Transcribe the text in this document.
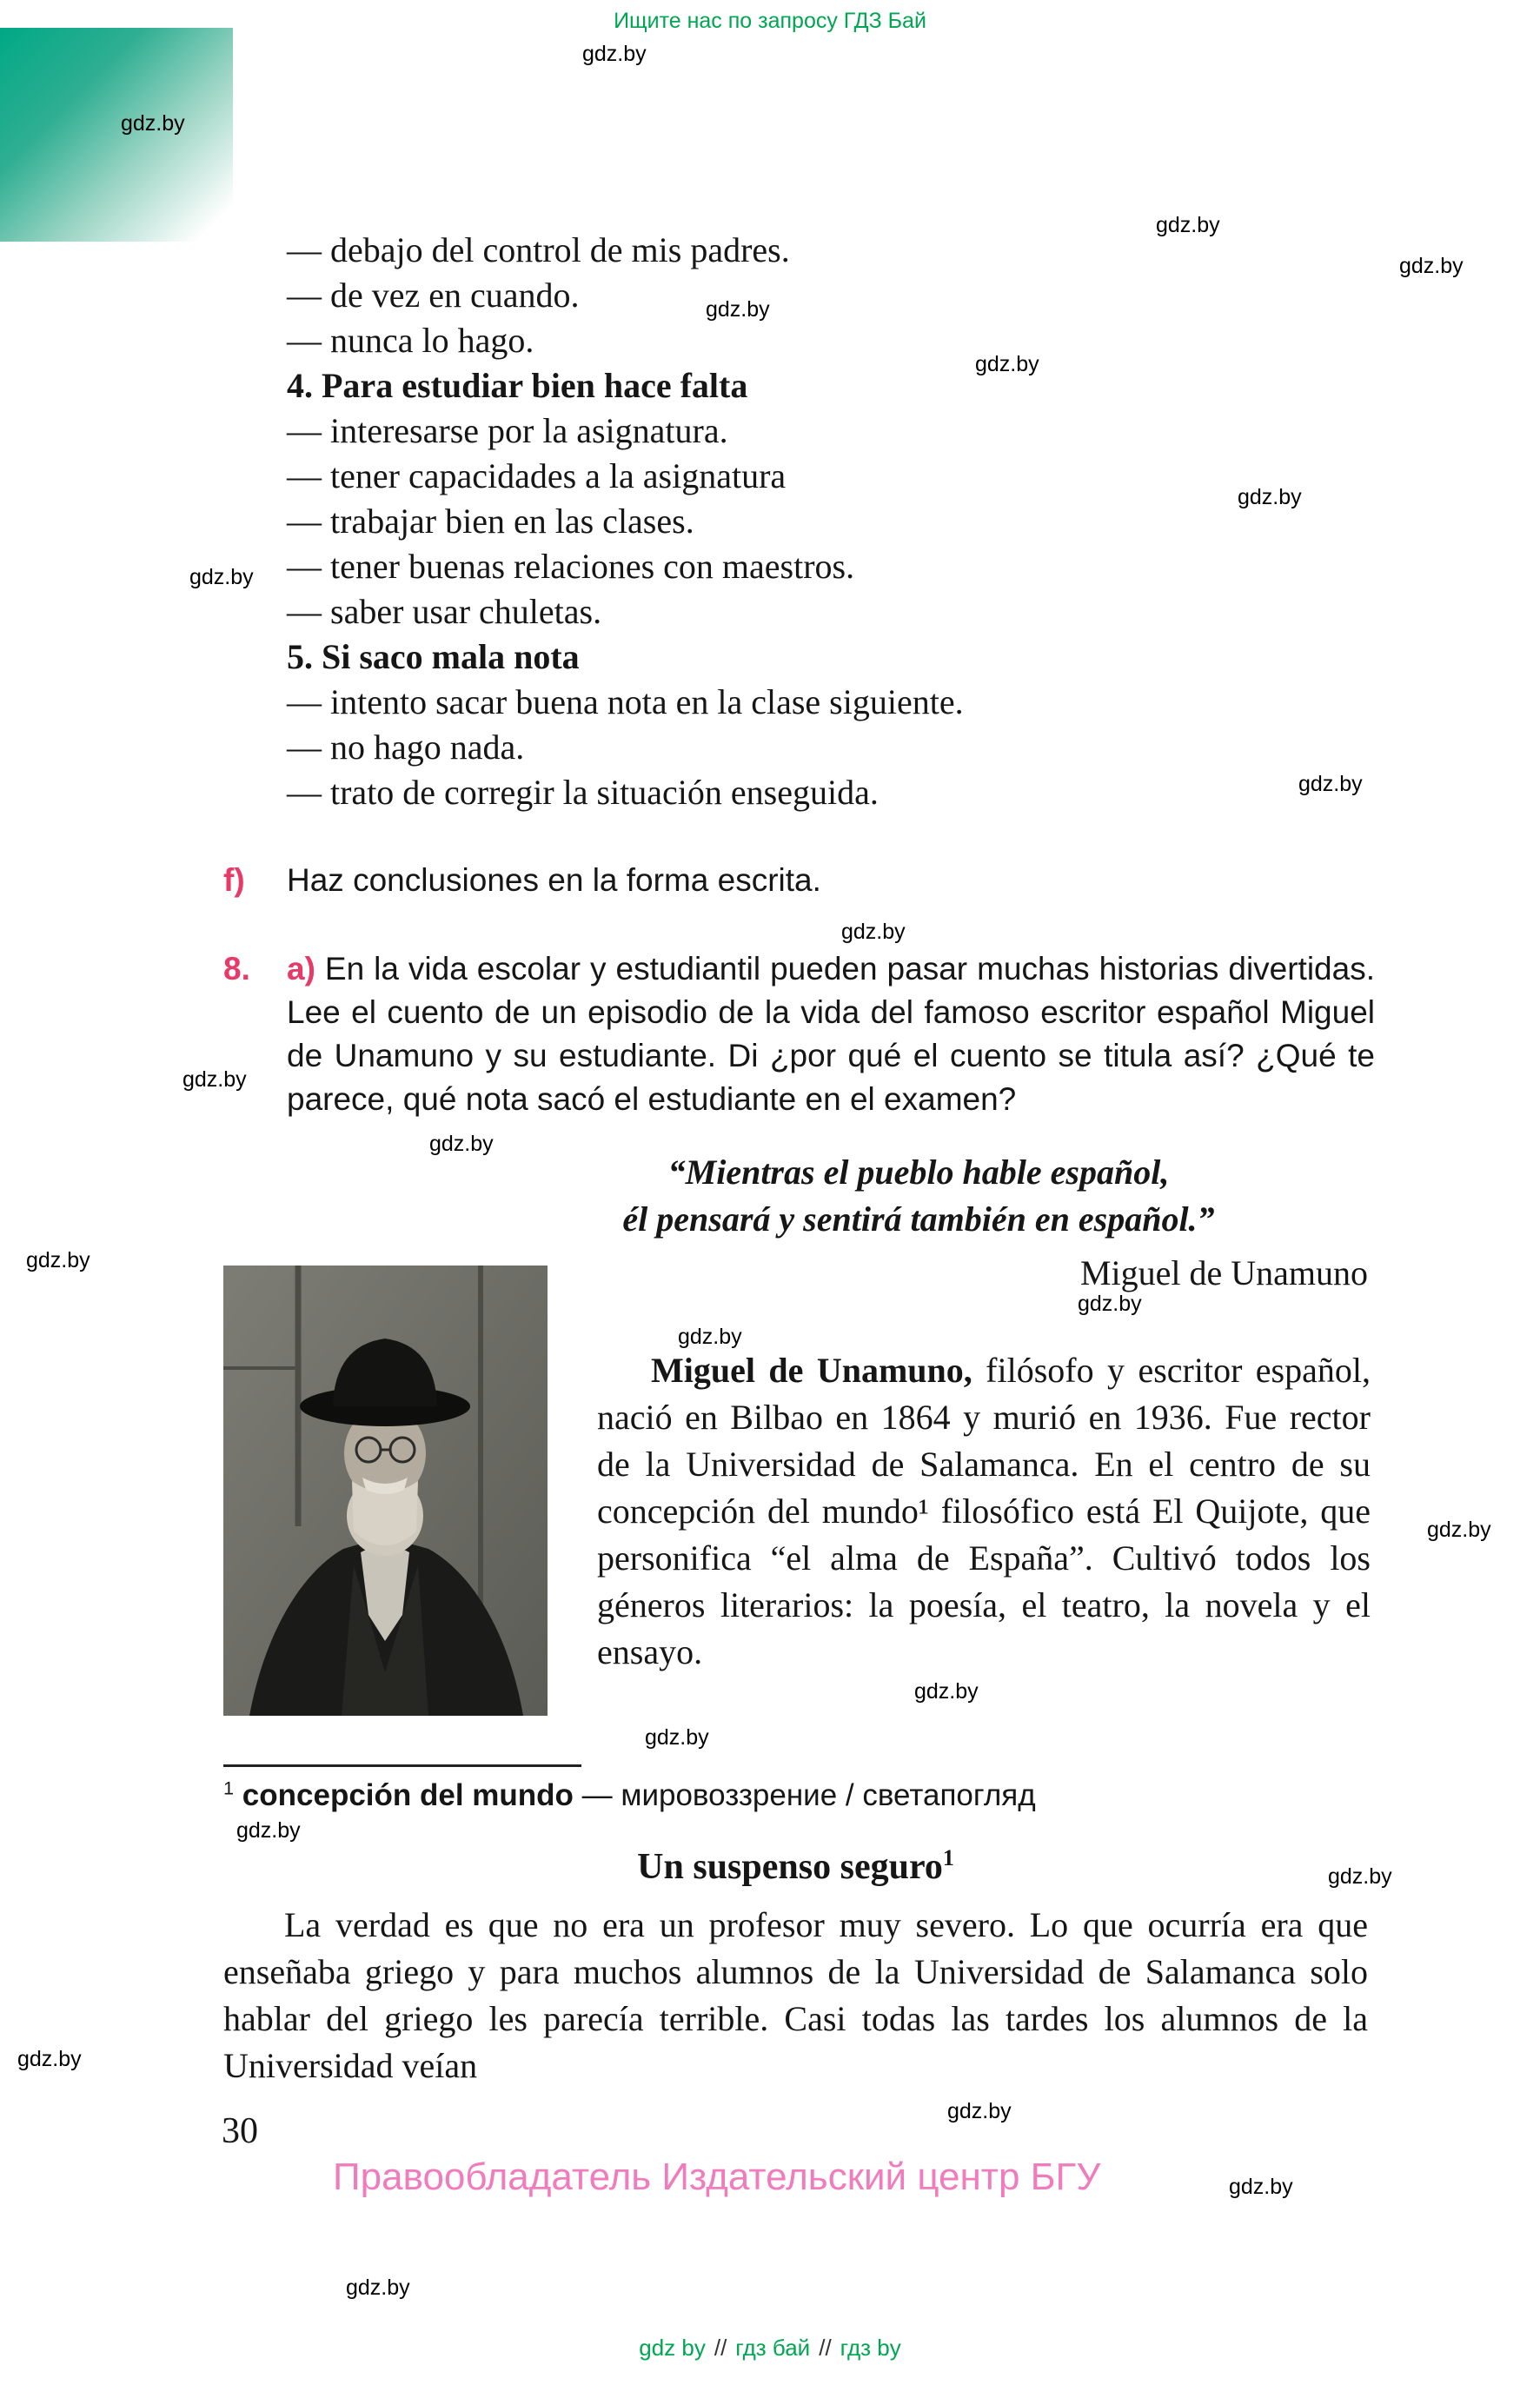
Ищите нас по запросу ГДЗ Бай
gdz.by
gdz.by
gdz.by
gdz.by
gdz.by
gdz.by
gdz.by
gdz.by
gdz.by
gdz.by
gdz.by
gdz.by
gdz.by
gdz.by
gdz.by
gdz.by
gdz.by
gdz.by
gdz.by
gdz.by
gdz.by
gdz.by
gdz.by
gdz.by
— debajo del control de mis padres.
— de vez en cuando.
— nunca lo hago.
4. Para estudiar bien hace falta
— interesarse por la asignatura.
— tener capacidades a la asignatura
— trabajar bien en las clases.
— tener buenas relaciones con maestros.
— saber usar chuletas.
5. Si saco mala nota
— intento sacar buena nota en la clase siguiente.
— no hago nada.
— trato de corregir la situación enseguida.
f)	Haz conclusiones en la forma escrita.
8. a) En la vida escolar y estudiantil pueden pasar muchas historias divertidas. Lee el cuento de un episodio de la vida del famoso escritor español Miguel de Unamuno y su estudiante. Di ¿por qué el cuento se titula así? ¿Qué te parece, qué nota sacó el estudiante en el examen?
“Mientras el pueblo hable español,
él pensará y sentirá también en español.”
Miguel de Unamuno

Miguel de Unamuno, filósofo y escritor español, nació en Bilbao en 1864 y murió en 1936. Fue rector de la Universidad de Salamanca. En el centro de su concepción del mundo¹ filosófico está El Quijote, que personifica “el alma de España”. Cultivó todos los géneros literarios: la poesía, el teatro, la novela y el ensayo.

$^1$ concepción del mundo — мировоззрение / светапогляд

Un suspenso seguro$^1$

La verdad es que no era un profesor muy severo. Lo que ocurría era que enseñaba griego y para muchos alumnos de la Universidad de Salamanca solo hablar del griego les parecía terrible. Casi todas las tardes los alumnos de la Universidad veían

30
Правообладатель Издательский центр БГУ
gdz by // гдз бай // гдз by
